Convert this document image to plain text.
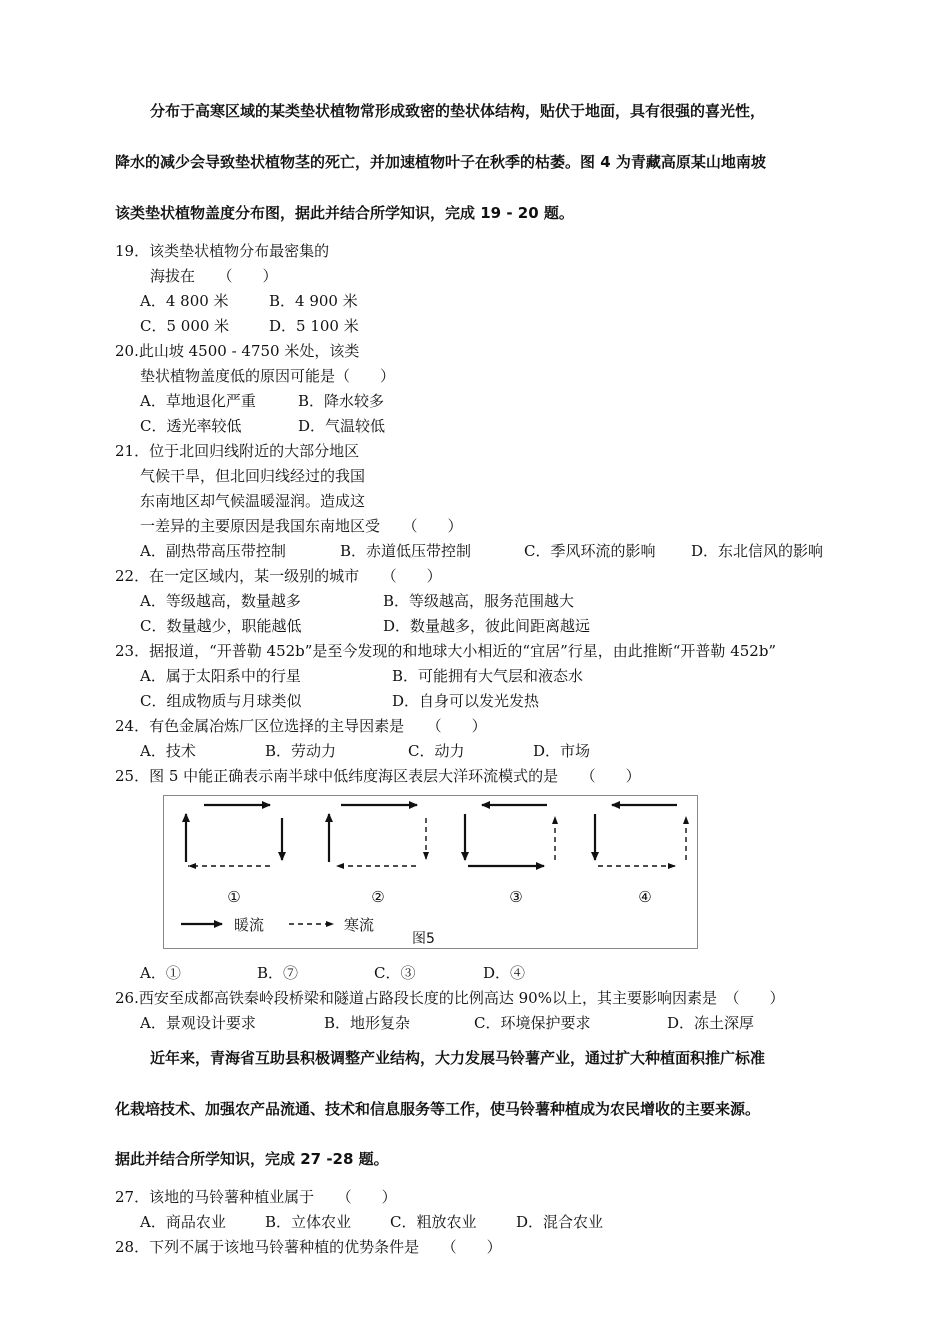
分布于高寒区域的某类垫状植物常形成致密的垫状体结构，贴伏于地面，具有很强的喜光性，
降水的减少会导致垫状植物茎的死亡，并加速植物叶子在秋季的枯萎。图 4 为青藏高原某山地南坡
该类垫状植物盖度分布图，据此并结合所学知识，完成 19 - 20 题。
19．该类垫状植物分布最密集的
海拔在　　（　　）
A．4 800 米	B．4 900 米
C．5 000 米	D．5 100 米
20.此山坡 4500 - 4750 米处，该类
垫状植物盖度低的原因可能是（　　）
A．草地退化严重	B．降水较多
C．透光率较低	D．气温较低
21．位于北回归线附近的大部分地区
气候干旱，但北回归线经过的我国
东南地区却气候温暖湿润。造成这
一差异的主要原因是我国东南地区受　　（　　）
A．副热带高压带控制	B．赤道低压带控制	C．季风环流的影响 D．东北信风的影响
22．在一定区域内，某一级别的城市　　（　　）
A．等级越高，数量越多	B．等级越高，服务范围越大
C．数量越少，职能越低	D．数量越多，彼此间距离越远
23．据报道，“开普勒 452b”是至今发现的和地球大小相近的“宜居”行星，由此推断“开普勒 452b”
A．属于太阳系中的行星	B．可能拥有大气层和液态水
C．组成物质与月球类似	D．自身可以发光发热
24．有色金属冶炼厂区位选择的主导因素是　　（　　）
A．技术	B．劳动力	C．动力	D．市场
25．图 5 中能正确表示南半球中低纬度海区表层大洋环流模式的是　　（　　）
①	②	③	④
暖流	寒流
图5
A．①	B．⑦	C．③	D．④
26.西安至成都高铁秦岭段桥梁和隧道占路段长度的比例高达 90%以上，其主要影响因素是　（　　）
A．景观设计要求	B．地形复杂	C．环境保护要求	D．冻土深厚
近年来，青海省互助县积极调整产业结构，大力发展马铃薯产业，通过扩大种植面积推广标准
化栽培技术、加强农产品流通、技术和信息服务等工作，使马铃薯种植成为农民增收的主要来源。
据此并结合所学知识，完成 27 -28 题。
27．该地的马铃薯种植业属于　　（　　）
A．商品农业	B．立体农业	C．粗放农业	D．混合农业
28．下列不属于该地马铃薯种植的优势条件是　　（　　）
